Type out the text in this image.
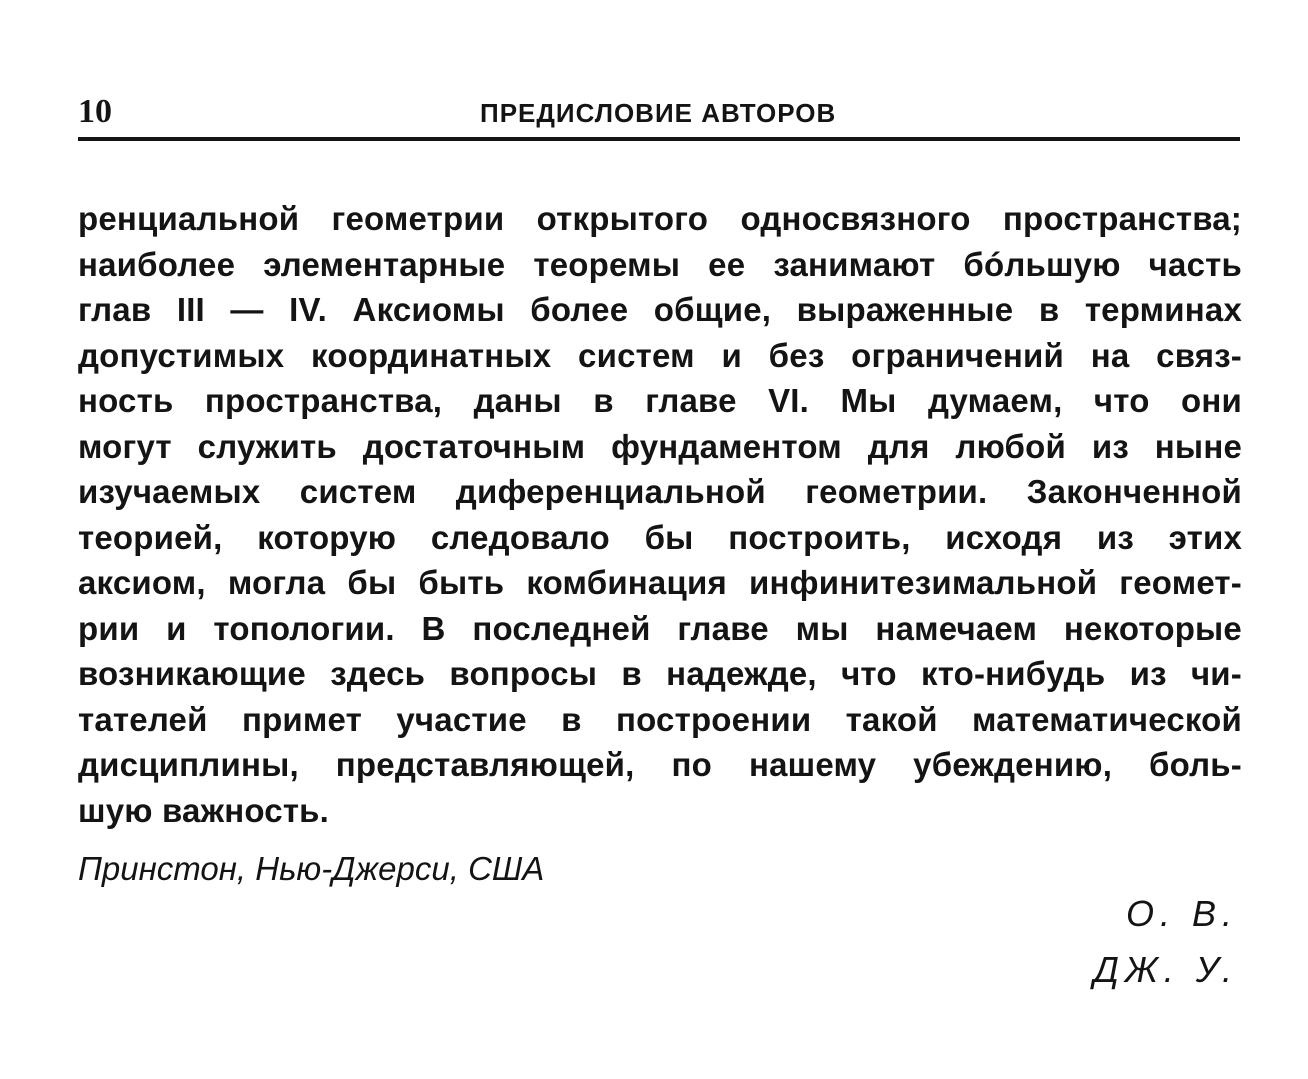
10	ПРЕДИСЛОВИЕ АВТОРОВ
ренциальной геометрии открытого односвязного пространства;
наиболее элементарные теоремы ее занимают бóльшую часть
глав III — IV. Аксиомы более общие, выраженные в терминах
допустимых координатных систем и без ограничений на связ-
ность пространства, даны в главе VI. Мы думаем, что они
могут служить достаточным фундаментом для любой из ныне
изучаемых систем диференциальной геометрии. Законченной
теорией, которую следовало бы построить, исходя из этих
аксиом, могла бы быть комбинация инфинитезимальной геомет-
рии и топологии. В последней главе мы намечаем некоторые
возникающие здесь вопросы в надежде, что кто-нибудь из чи-
тателей примет участие в построении такой математической
дисциплины, представляющей, по нашему убеждению, боль-
шую важность.
Принстон, Нью-Джерси, США
О. В.
ДЖ. У.
